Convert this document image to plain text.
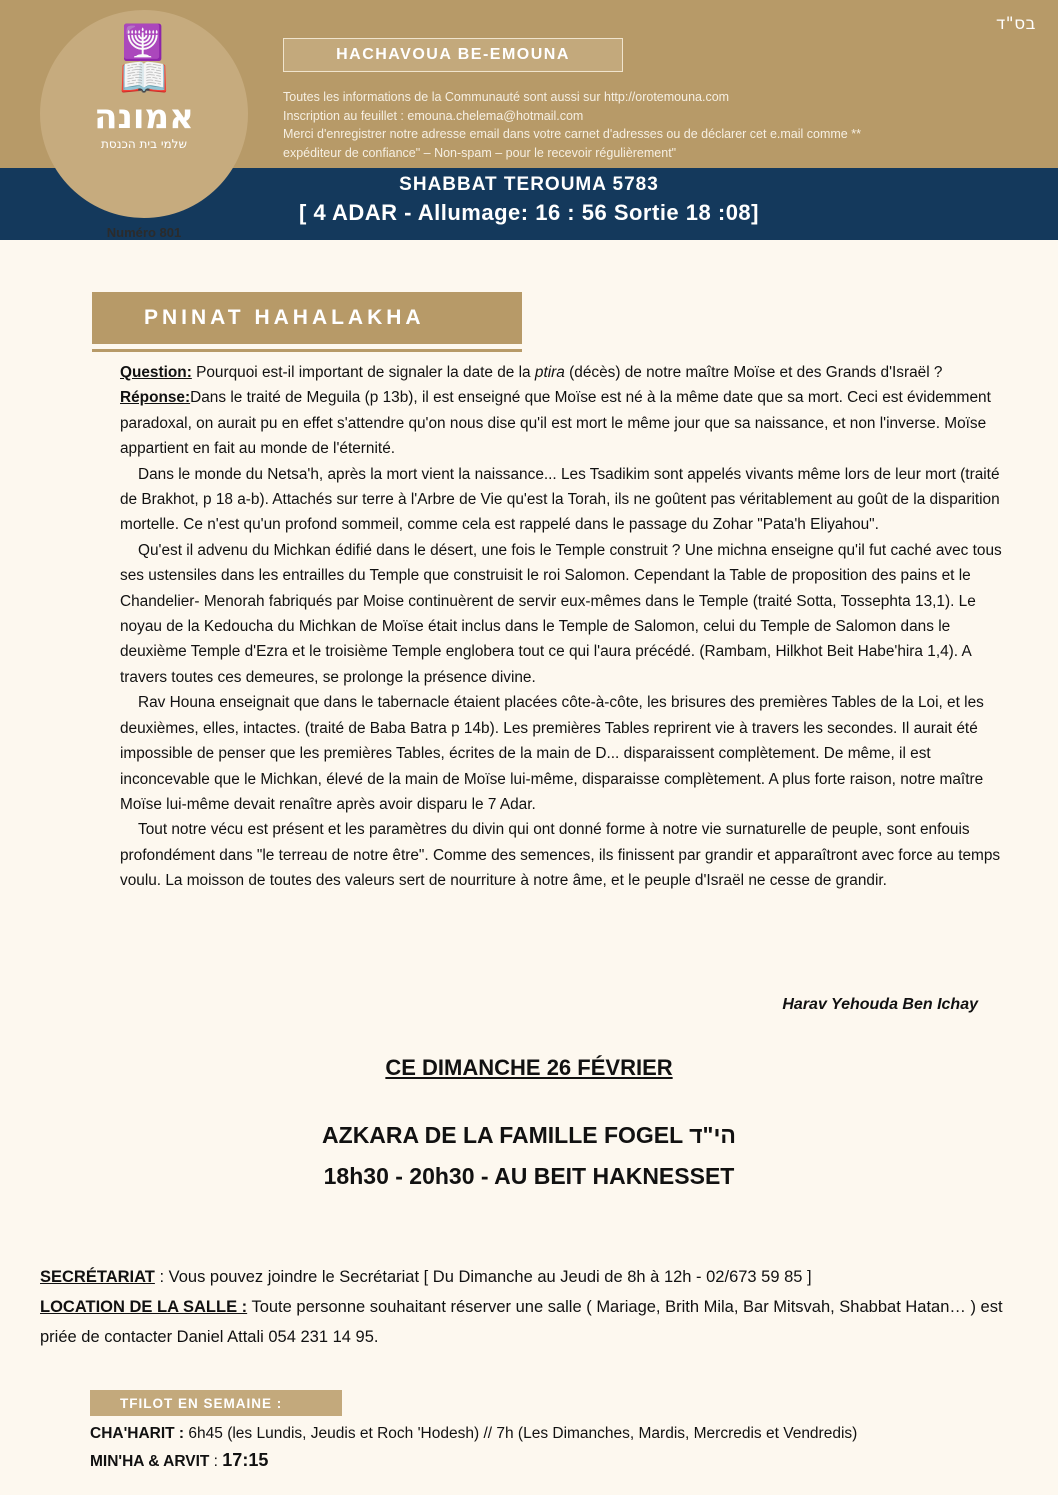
בס"ד
🕎
📖
אמונה
שלמי בית הכנסת
Numéro 801
HACHAVOUA BE-EMOUNA
Toutes les informations de la Communauté sont aussi sur http://orotemouna.com
Inscription au feuillet : emouna.chelema@hotmail.com
Merci d'enregistrer notre adresse email dans votre carnet d'adresses ou de déclarer cet e.mail comme **
expéditeur de confiance" – Non-spam – pour le recevoir régulièrement"
SHABBAT TEROUMA 5783
[ 4 ADAR - Allumage: 16 : 56 Sortie 18 :08]
PNINAT HAHALAKHA

Question: Pourquoi est-il important de signaler la date de la ptira (décès) de notre maître Moïse et des Grands d'Israël ?

Réponse:Dans le traité de Meguila (p 13b), il est enseigné que Moïse est né à la même date que sa mort. Ceci est évidemment paradoxal, on aurait pu en effet s'attendre qu'on nous dise qu'il est mort le même jour que sa naissance, et non l'inverse. Moïse appartient en fait au monde de l'éternité.

Dans le monde du Netsa'h, après la mort vient la naissance... Les Tsadikim sont appelés vivants même lors de leur mort (traité de Brakhot, p 18 a-b). Attachés sur terre à l'Arbre de Vie qu'est la Torah, ils ne goûtent pas véritablement au goût de la disparition mortelle. Ce n'est qu'un profond sommeil, comme cela est rappelé dans le passage du Zohar "Pata'h Eliyahou".

Qu'est il advenu du Michkan édifié dans le désert, une fois le Temple construit ? Une michna enseigne qu'il fut caché avec tous ses ustensiles dans les entrailles du Temple que construisit le roi Salomon. Cependant la Table de proposition des pains et le Chandelier- Menorah fabriqués par Moise continuèrent de servir eux-mêmes dans le Temple (traité Sotta, Tossephta 13,1). Le noyau de la Kedoucha du Michkan de Moïse était inclus dans le Temple de Salomon, celui du Temple de Salomon dans le deuxième Temple d'Ezra et le troisième Temple englobera tout ce qui l'aura précédé. (Rambam, Hilkhot Beit Habe'hira 1,4). A travers toutes ces demeures, se prolonge la présence divine.

Rav Houna enseignait que dans le tabernacle étaient placées côte-à-côte, les brisures des premières Tables de la Loi, et les deuxièmes, elles, intactes. (traité de Baba Batra p 14b). Les premières Tables reprirent vie à travers les secondes. Il aurait été impossible de penser que les premières Tables, écrites de la main de D... disparaissent complètement. De même, il est inconcevable que le Michkan, élevé de la main de Moïse lui-même, disparaisse complètement. A plus forte raison, notre maître Moïse lui-même devait renaître après avoir disparu le 7 Adar.

Tout notre vécu est présent et les paramètres du divin qui ont donné forme à notre vie surnaturelle de peuple, sont enfouis profondément dans "le terreau de notre être". Comme des semences, ils finissent par grandir et apparaîtront avec force au temps voulu. La moisson de toutes des valeurs sert de nourriture à notre âme, et le peuple d'Israël ne cesse de grandir.

Harav Yehouda Ben Ichay
CE DIMANCHE 26 FÉVRIER
AZKARA DE LA FAMILLE FOGEL הי"ד
18h30 - 20h30 - AU BEIT HAKNESSET
SECRÉTARIAT : Vous pouvez joindre le Secrétariat [ Du Dimanche au Jeudi de 8h à 12h - 02/673 59 85 ]
LOCATION DE LA SALLE : Toute personne souhaitant réserver une salle ( Mariage, Brith Mila, Bar Mitsvah, Shabbat Hatan… ) est priée de contacter Daniel Attali 054 231 14 95.
TFILOT EN SEMAINE :
CHA'HARIT : 6h45 (les Lundis, Jeudis et Roch 'Hodesh) // 7h (Les Dimanches, Mardis, Mercredis et Vendredis)
MIN'HA & ARVIT : 17:15
